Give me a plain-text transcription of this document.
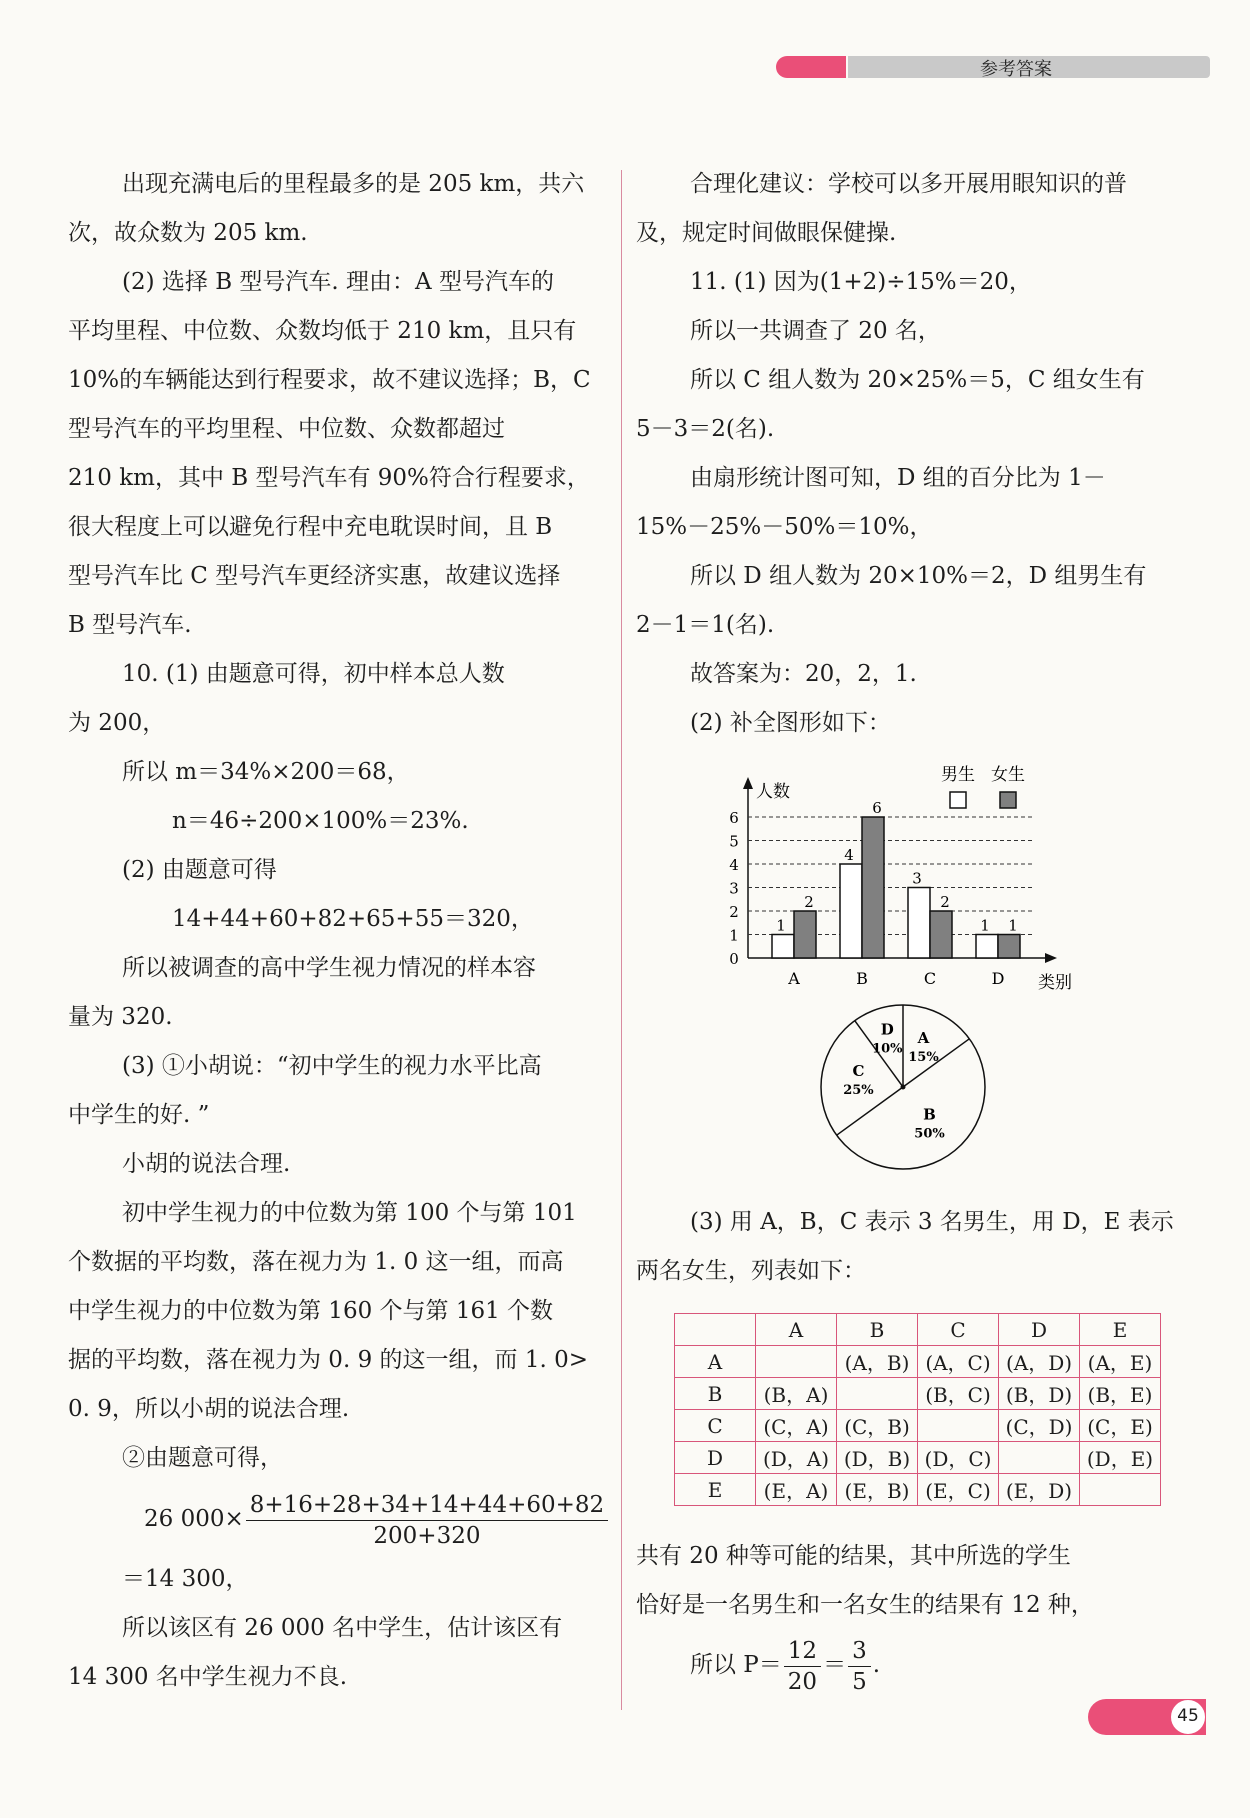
参考答案

出现充满电后的里程最多的是 205 km，共六

次，故众数为 205 km.

(2) 选择 B 型号汽车. 理由：A 型号汽车的

平均里程、中位数、众数均低于 210 km，且只有

10%的车辆能达到行程要求，故不建议选择；B，C

型号汽车的平均里程、中位数、众数都超过

210 km，其中 B 型号汽车有 90%符合行程要求，

很大程度上可以避免行程中充电耽误时间，且 B

型号汽车比 C 型号汽车更经济实惠，故建议选择

B 型号汽车.

10. (1) 由题意可得，初中样本总人数

为 200，

所以 m＝34%×200＝68，

n＝46÷200×100%＝23%.

(2) 由题意可得

14+44+60+82+65+55＝320，

所以被调查的高中学生视力情况的样本容

量为 320.

(3) ①小胡说：“初中学生的视力水平比高

中学生的好. ”

小胡的说法合理.

初中学生视力的中位数为第 100 个与第 101

个数据的平均数，落在视力为 1. 0 这一组，而高

中学生视力的中位数为第 160 个与第 161 个数

据的平均数，落在视力为 0. 9 的这一组，而 1. 0>

0. 9，所以小胡的说法合理.

②由题意可得，

26 $000\times \frac{8+16+28+34+14+44+60+82}{200+320}$

＝14 300，

所以该区有 26 000 名中学生，估计该区有

14 300 名中学生视力不良.

合理化建议：学校可以多开展用眼知识的普

及，规定时间做眼保健操.

11. (1) 因为(1+2)÷15%＝20，

所以一共调查了 20 名，

所以 C 组人数为 20×25%＝5，C 组女生有

5－3＝2(名).

由扇形统计图可知，D 组的百分比为 1－

15%－25%－50%＝10%，

所以 D 组人数为 20×10%＝2，D 组男生有

2－1＝1(名).

故答案为：20，2，1.

(2) 补全图形如下：

(3) 用 A，B，C 表示 3 名男生，用 D，E 表示

两名女生，列表如下：

共有 20 种等可能的结果，其中所选的学生

恰好是一名男生和一名女生的结果有 12 种，

所以 $P= \frac{12}{20} = \frac{3}{5}$ .

0
1
2
3
4
5
6
人数
类别
1
2
A
4
6
B
3
2
C
1 1
D
男生 女生

A
15%
B
50%
C
25%
D
10%
	A	B	C	D	E
A		(A，B)	(A，C)	(A，D)	(A，E)
B	(B，A)		(B，C)	(B，D)	(B，E)
C	(C，A)	(C，B)		(C，D)	(C，E)
D	(D，A)	(D，B)	(D，C)		(D，E)
E	(E，A)	(E，B)	(E，C)	(E，D)	
45
